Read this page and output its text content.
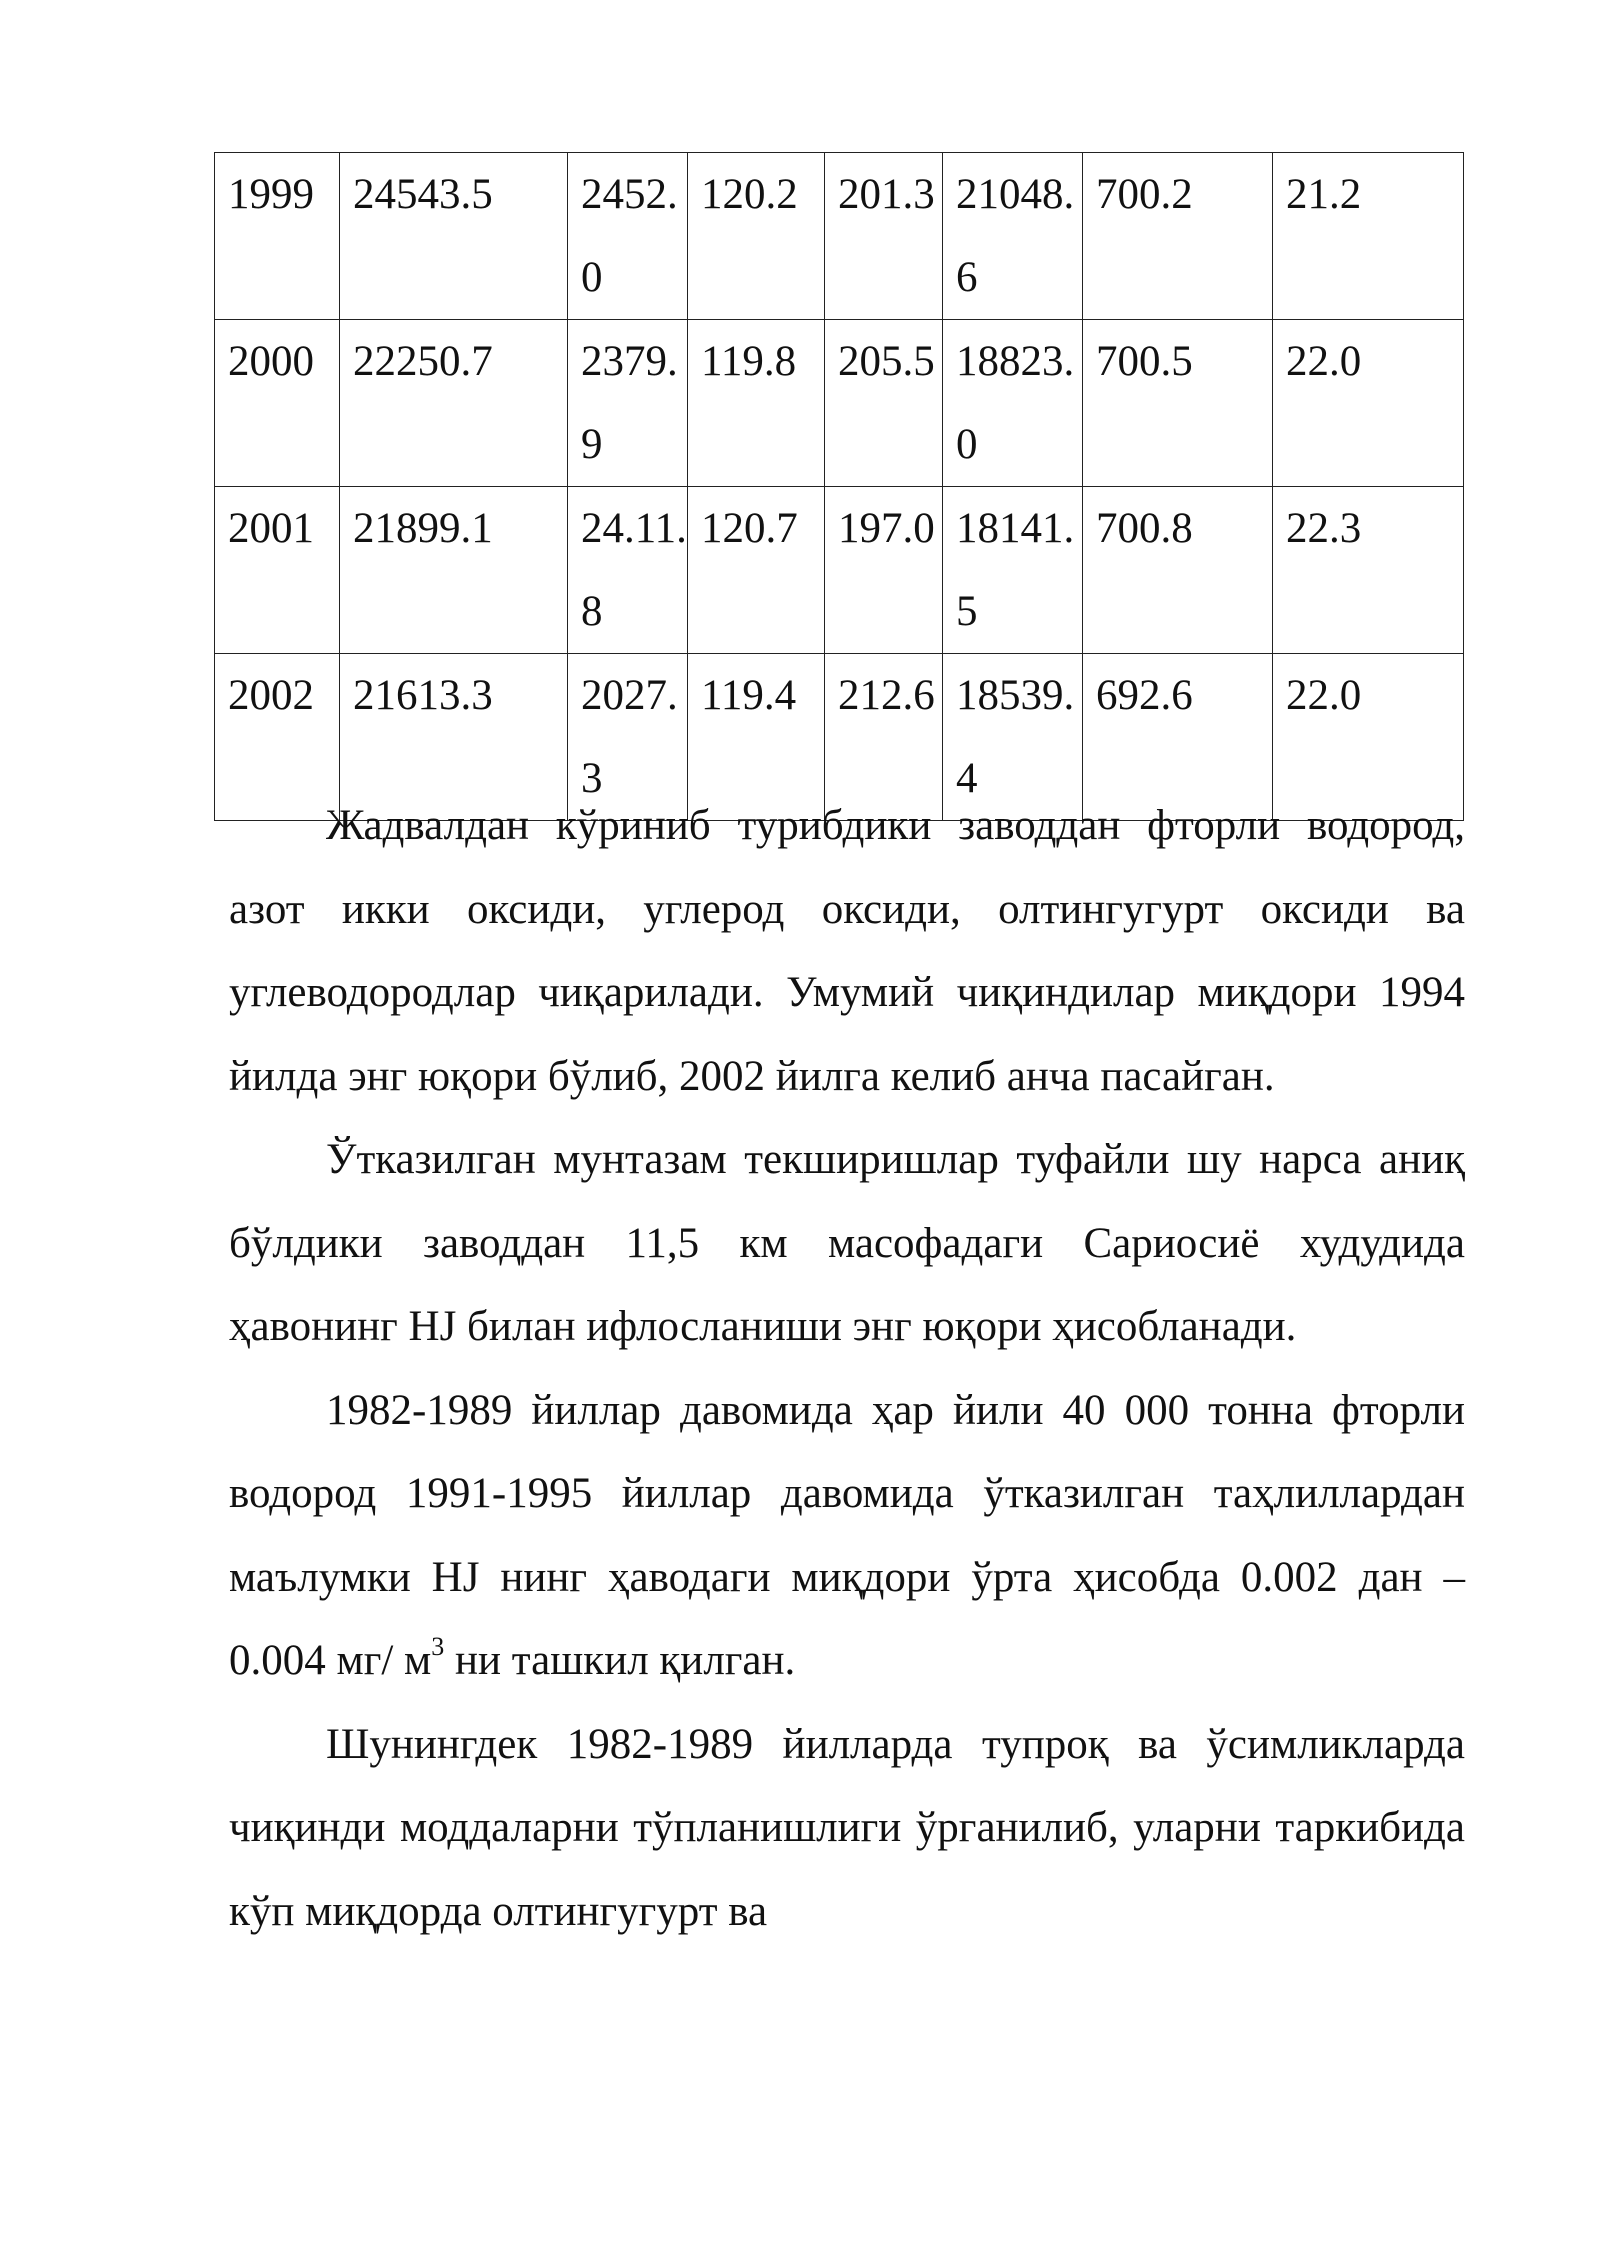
1999	24543.5	2452.0	120.2	201.3	21048.6	700.2	21.2
2000	22250.7	2379.9	119.8	205.5	18823.0	700.5	22.0
2001	21899.1	24.11.8	120.7	197.0	18141.5	700.8	22.3
2002	21613.3	2027.3	119.4	212.6	18539.4	692.6	22.0

Жадвалдан кўриниб турибдики заводдан фторли водород, азот икки оксиди, углерод оксиди, олтингугурт оксиди ва углеводородлар чиқарилади. Умумий чиқиндилар миқдори 1994 йилда энг юқори бўлиб, 2002 йилга келиб анча пасайган.

Ўтказилган мунтазам текширишлар туфайли шу нарса аниқ бўлдики заводдан 11,5 км масофадаги Сариосиё худудида ҳавонинг HJ билан ифлосланиши энг юқори ҳисобланади.

1982-1989 йиллар давомида ҳар йили 40 000 тонна фторли водород 1991-1995 йиллар давомида ўтказилган таҳлиллардан маълумки HJ нинг ҳаводаги миқдори ўрта ҳисобда 0.002 дан – 0.004 мг/ $м^3$ ни ташкил қилган.

Шунингдек 1982-1989 йилларда тупроқ ва ўсимликларда чиқинди моддаларни тўпланишлиги ўрганилиб, уларни таркибида кўп миқдорда олтингугурт ва
